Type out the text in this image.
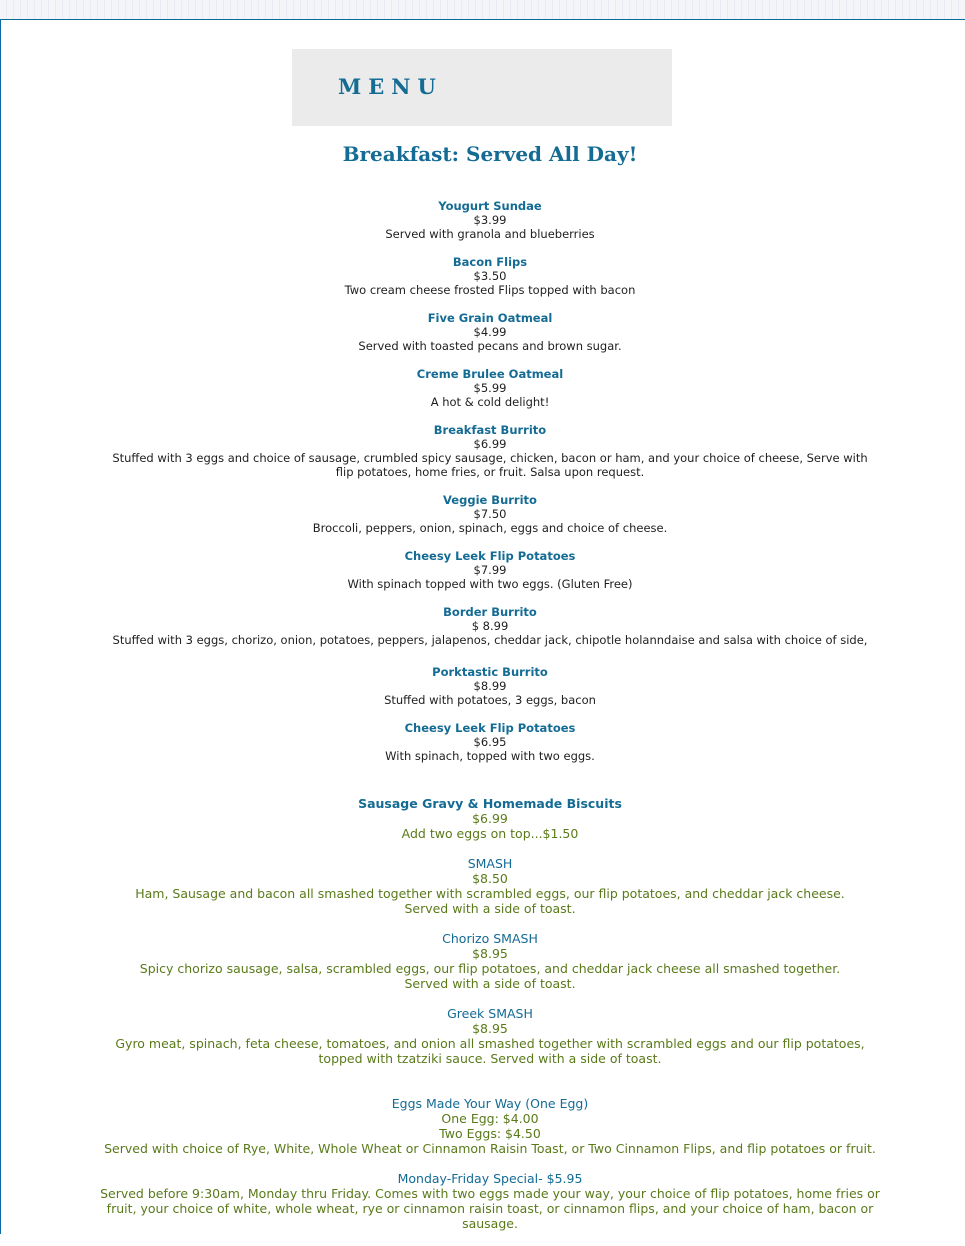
MENU
Breakfast: Served All Day!
Yougurt Sundae
$3.99
Served with granola and blueberries
Bacon Flips
$3.50
Two cream cheese frosted Flips topped with bacon
Five Grain Oatmeal
$4.99
Served with toasted pecans and brown sugar.
Creme Brulee Oatmeal
$5.99
A hot & cold delight!
Breakfast Burrito
$6.99
Stuffed with 3 eggs and choice of sausage, crumbled spicy sausage, chicken, bacon or ham, and your choice of cheese, Serve with flip potatoes, home fries, or fruit. Salsa upon request.
Veggie Burrito
$7.50
Broccoli, peppers, onion, spinach, eggs and choice of cheese.
Cheesy Leek Flip Potatoes
$7.99
With spinach topped with two eggs. (Gluten Free)
Border Burrito
$ 8.99
Stuffed with 3 eggs, chorizo, onion, potatoes, peppers, jalapenos, cheddar jack, chipotle holanndaise and salsa with choice of side,
Porktastic Burrito
$8.99
Stuffed with potatoes, 3 eggs, bacon
Cheesy Leek Flip Potatoes
$6.95
With spinach, topped with two eggs.
Sausage Gravy & Homemade Biscuits
$6.99
Add two eggs on top...$1.50
SMASH
$8.50
Ham, Sausage and bacon all smashed together with scrambled eggs, our flip potatoes, and cheddar jack cheese.
Served with a side of toast.
Chorizo SMASH
$8.95
Spicy chorizo sausage, salsa, scrambled eggs, our flip potatoes, and cheddar jack cheese all smashed together.
Served with a side of toast.
Greek SMASH
$8.95
Gyro meat, spinach, feta cheese, tomatoes, and onion all smashed together with scrambled eggs and our flip potatoes,
topped with tzatziki sauce. Served with a side of toast.
Eggs Made Your Way (One Egg)
One Egg: $4.00
Two Eggs: $4.50
Served with choice of Rye, White, Whole Wheat or Cinnamon Raisin Toast, or Two Cinnamon Flips, and flip potatoes or fruit.
Monday-Friday Special- $5.95
Served before 9:30am, Monday thru Friday. Comes with two eggs made your way, your choice of flip potatoes, home fries or fruit, your choice of white, whole wheat, rye or cinnamon raisin toast, or cinnamon flips, and your choice of ham, bacon or sausage.
